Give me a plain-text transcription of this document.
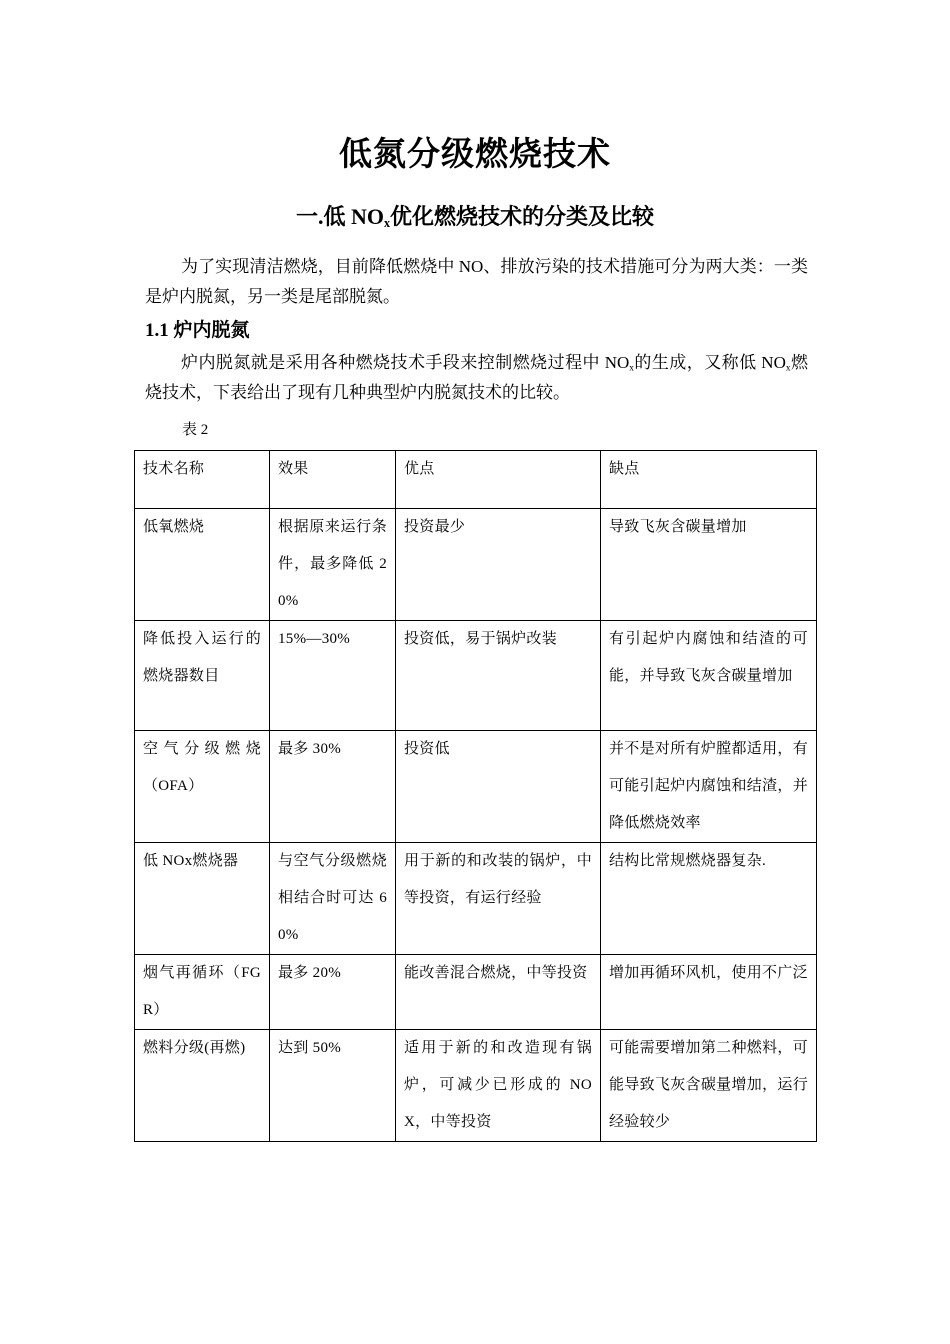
低氮分级燃烧技术
一.低 $NO_x$优化燃烧技术的分类及比较
为了实现清洁燃烧，目前降低燃烧中 NO、排放污染的技术措施可分为两大类：一类是炉内脱氮，另一类是尾部脱氮。
1.1 炉内脱氮
炉内脱氮就是采用各种燃烧技术手段来控制燃烧过程中 $NO_x$的生成，又称低 $NO_x$燃烧技术，下表给出了现有几种典型炉内脱氮技术的比较。
表 2
技术名称	效果	优点	缺点
低氧燃烧	根据原来运行条件，最多降低 20%	投资最少	导致飞灰含碳量增加
降低投入运行的燃烧器数目	15%—30%	投资低，易于锅炉改装	有引起炉内腐蚀和结渣的可能，并导致飞灰含碳量增加
空气分级燃烧（OFA）	最多 30%	投资低	并不是对所有炉膛都适用，有可能引起炉内腐蚀和结渣，并降低燃烧效率
低 NOx燃烧器	与空气分级燃烧相结合时可达 60%	用于新的和改装的锅炉，中等投资，有运行经验	结构比常规燃烧器复杂.
烟气再循环（FGR）	最多 20%	能改善混合燃烧，中等投资	增加再循环风机，使用不广泛
燃料分级(再燃)	达到 50%	适用于新的和改造现有锅炉，可减少已形成的 NOX，中等投资	可能需要增加第二种燃料，可能导致飞灰含碳量增加，运行经验较少
